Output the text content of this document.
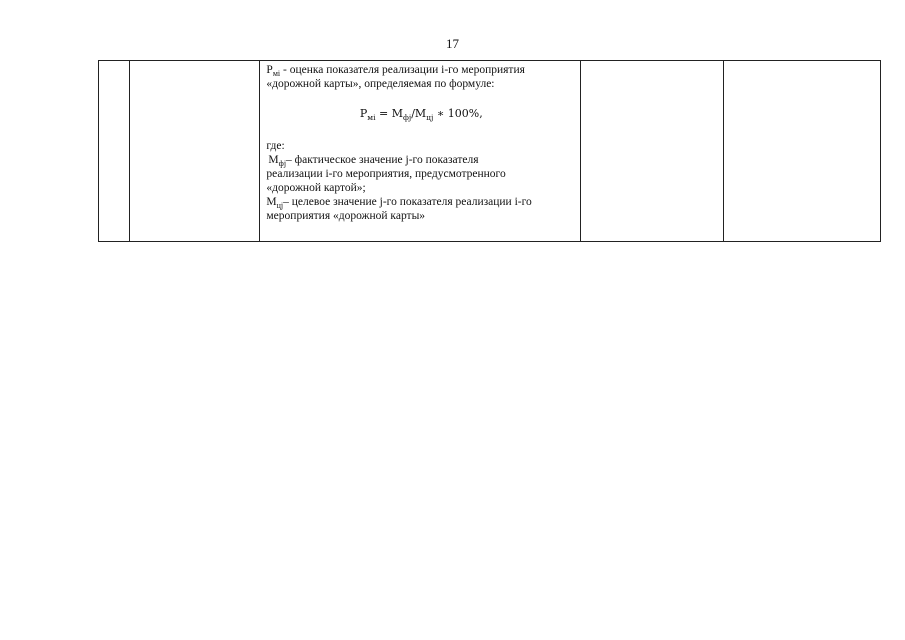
17

$P_{мi}$ - оценка показателя реализации i-го мероприятия
«дорожной карты», определяемая по формуле:
$P_{мi} = M_{фj}/M_{цj}$ ∗ 100%,
где:
$M_{фj}-$ фактическое значение j-го показателя
реализации i-го мероприятия, предусмотренного
«дорожной картой»;
$M_{цj}-$ целевое значение j-го показателя реализации i-го
мероприятия «дорожной карты»
